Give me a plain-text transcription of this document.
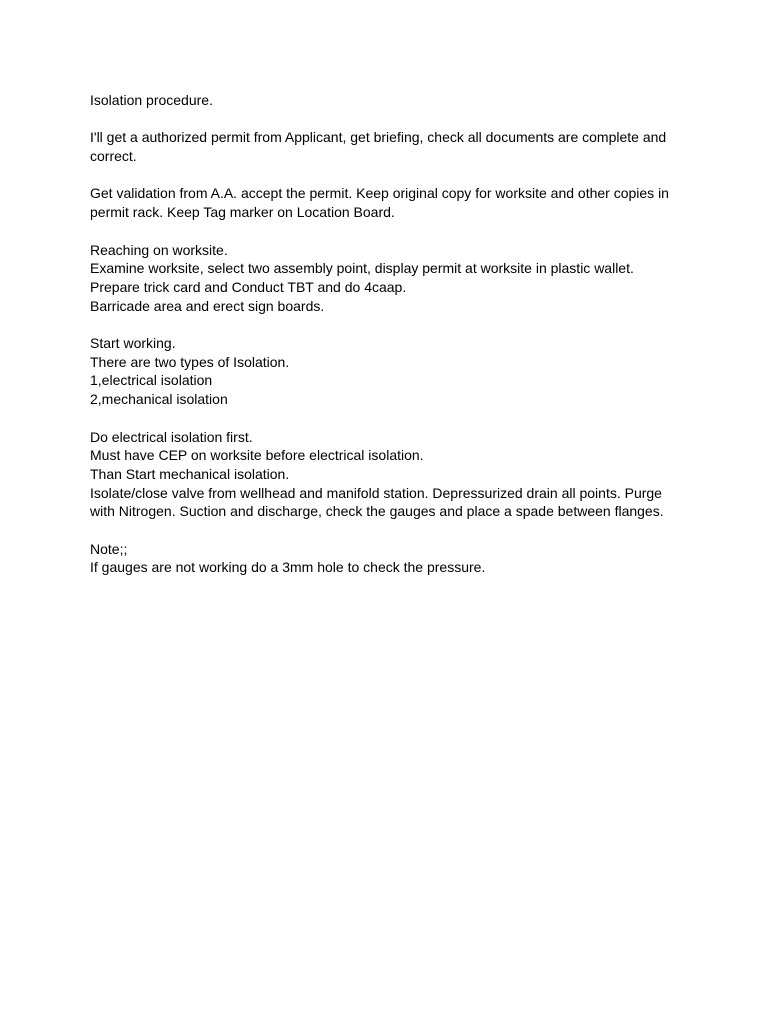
Isolation procedure.

I'll get a authorized permit from Applicant, get briefing, check all documents are complete and correct.

Get validation from A.A. accept the permit. Keep original copy for worksite and other copies in permit rack. Keep Tag marker on Location Board.

Reaching on worksite.
Examine worksite, select two assembly point, display permit at worksite in plastic wallet.
Prepare trick card and Conduct TBT and do 4caap.
Barricade area and erect sign boards.
Start working.
There are two types of Isolation.
1,electrical isolation
2,mechanical isolation
Do electrical isolation first.
Must have CEP on worksite before electrical isolation.
Than Start mechanical isolation.
Isolate/close valve from wellhead and manifold station. Depressurized drain all points. Purge with Nitrogen. Suction and discharge, check the gauges and place a spade between flanges.
Note;;
If gauges are not working do a 3mm hole to check the pressure.
